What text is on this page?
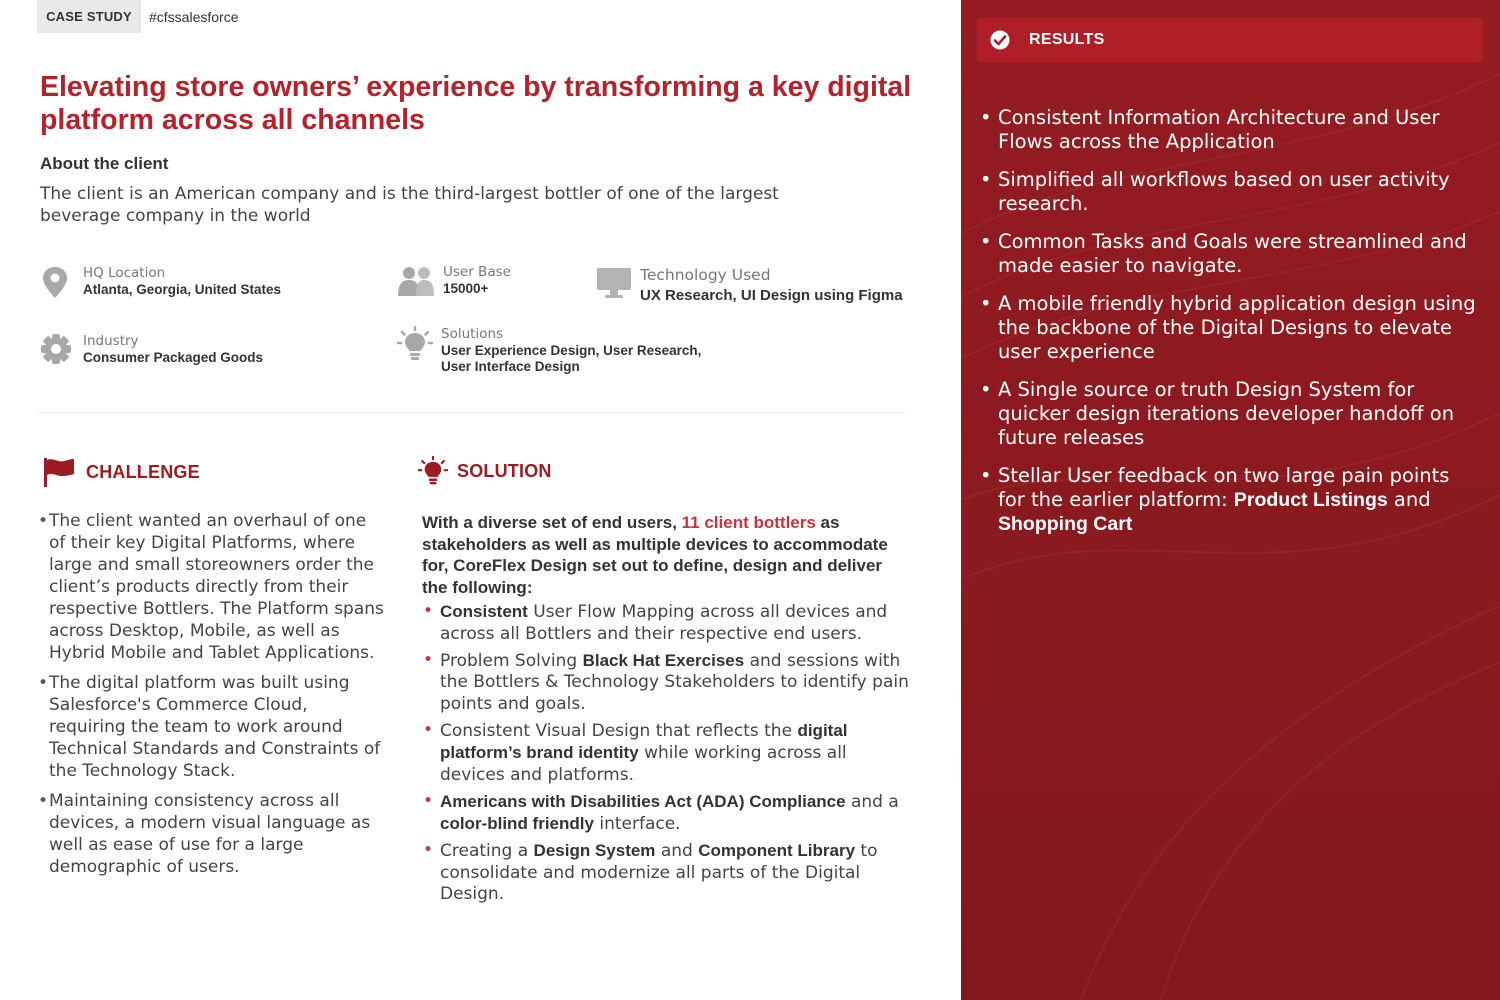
CASE STUDY	#cfssalesforce
Elevating store owners’ experience by transforming a key digital platform across all channels
About the client

The client is an American company and is the third-largest bottler of one of the largest beverage company in the world

HQ Location
Atlanta, Georgia, United States
User Base
15000+
Technology Used
UX Research, UI Design using Figma
Industry
Consumer Packaged Goods
Solutions
User Experience Design, User Research,
User Interface Design
CHALLENGE
• The client wanted an overhaul of one of their key Digital Platforms, where large and small storeowners order the client’s products directly from their respective Bottlers. The Platform spans across Desktop, Mobile, as well as Hybrid Mobile and Tablet Applications.
• The digital platform was built using Salesforce's Commerce Cloud, requiring the team to work around Technical Standards and Constraints of the Technology Stack.
• Maintaining consistency across all devices, a modern visual language as well as ease of use for a large demographic of users.
SOLUTION
With a diverse set of end users, 11 client bottlers as stakeholders as well as multiple devices to accommodate for, CoreFlex Design set out to define, design and deliver the following:
• Consistent User Flow Mapping across all devices and across all Bottlers and their respective end users.
• Problem Solving Black Hat Exercises and sessions with the Bottlers & Technology Stakeholders to identify pain points and goals.
• Consistent Visual Design that reflects the digital platform’s brand identity while working across all devices and platforms.
• Americans with Disabilities Act (ADA) Compliance and a color-blind friendly interface.
• Creating a Design System and Component Library to consolidate and modernize all parts of the Digital Design.
RESULTS
• Consistent Information Architecture and User Flows across the Application
• Simplified all workflows based on user activity research.
• Common Tasks and Goals were streamlined and made easier to navigate.
• A mobile friendly hybrid application design using the backbone of the Digital Designs to elevate user experience
• A Single source or truth Design System for quicker design iterations developer handoff on future releases
• Stellar User feedback on two large pain points for the earlier platform: Product Listings and Shopping Cart
